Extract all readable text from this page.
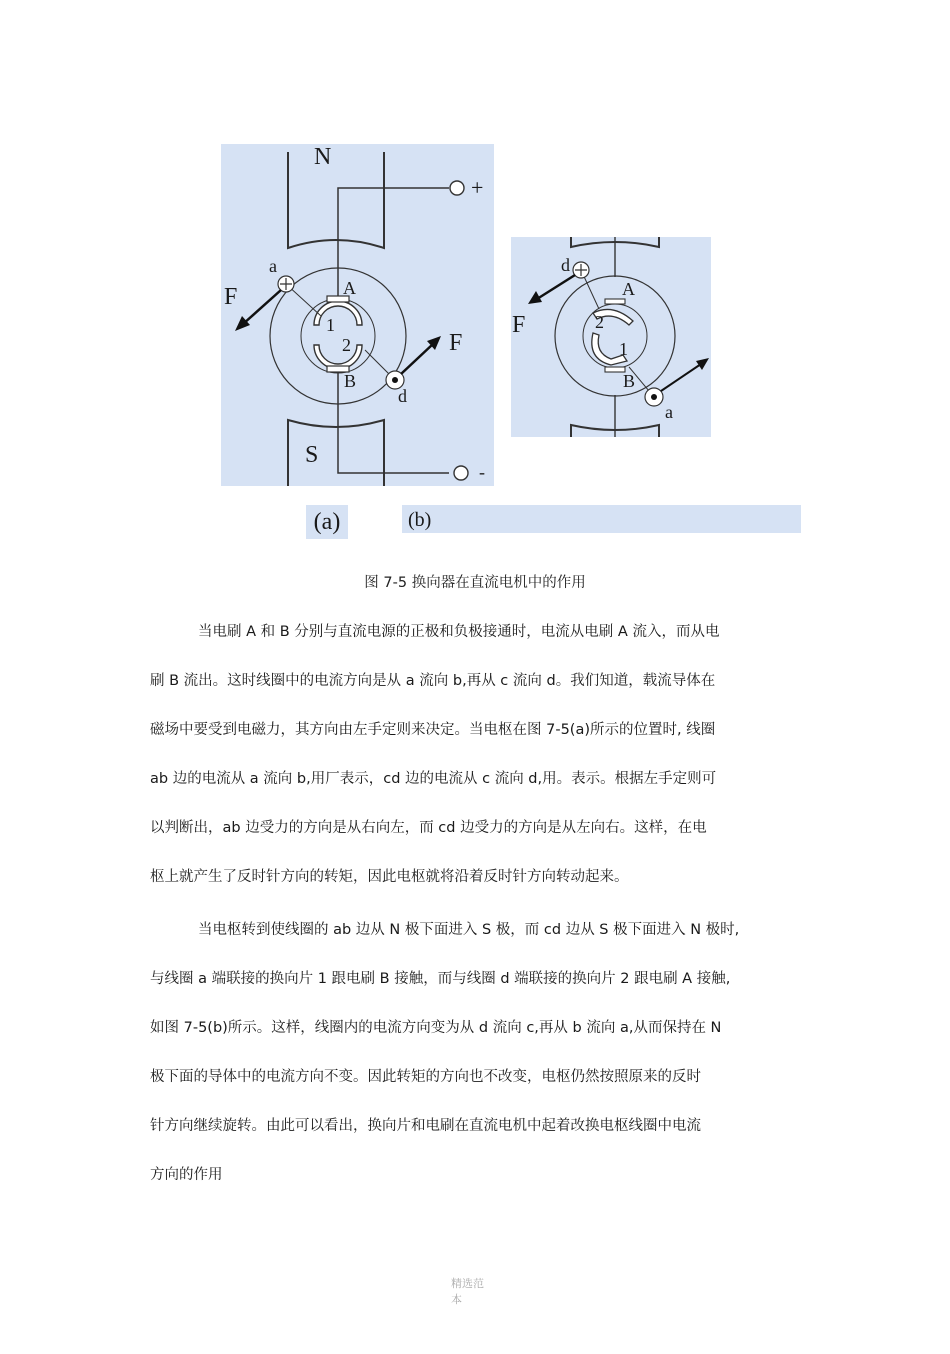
N
S
+
-
a
d
F
F
A
B
1
2
d
a
F
A
B
2
1
(a)	(b)
图 7-5 换向器在直流电机中的作用

当电刷 A 和 B 分别与直流电源的正极和负极接通时，电流从电刷 A 流入，而从电
刷 B 流出。这时线圈中的电流方向是从 a 流向 b,再从 c 流向 d。我们知道，载流导体在
磁场中要受到电磁力，其方向由左手定则来决定。当电枢在图 7-5(a)所示的位置时, 线圈
ab 边的电流从 a 流向 b,用厂表示，cd 边的电流从 c 流向 d,用。表示。根据左手定则可
以判断出，ab 边受力的方向是从右向左，而 cd 边受力的方向是从左向右。这样，在电
枢上就产生了反时针方向的转矩，因此电枢就将沿着反时针方向转动起来。

当电枢转到使线圈的 ab 边从 N 极下面进入 S 极，而 cd 边从 S 极下面进入 N 极时,
与线圈 a 端联接的换向片 1 跟电刷 B 接触，而与线圈 d 端联接的换向片 2 跟电刷 A 接触,
如图 7-5(b)所示。这样，线圈内的电流方向变为从 d 流向 c,再从 b 流向 a,从而保持在 N
极下面的导体中的电流方向不变。因此转矩的方向也不改变，电枢仍然按照原来的反时
针方向继续旋转。由此可以看出，换向片和电刷在直流电机中起着改换电枢线圈中电流
方向的作用

精选范
本
